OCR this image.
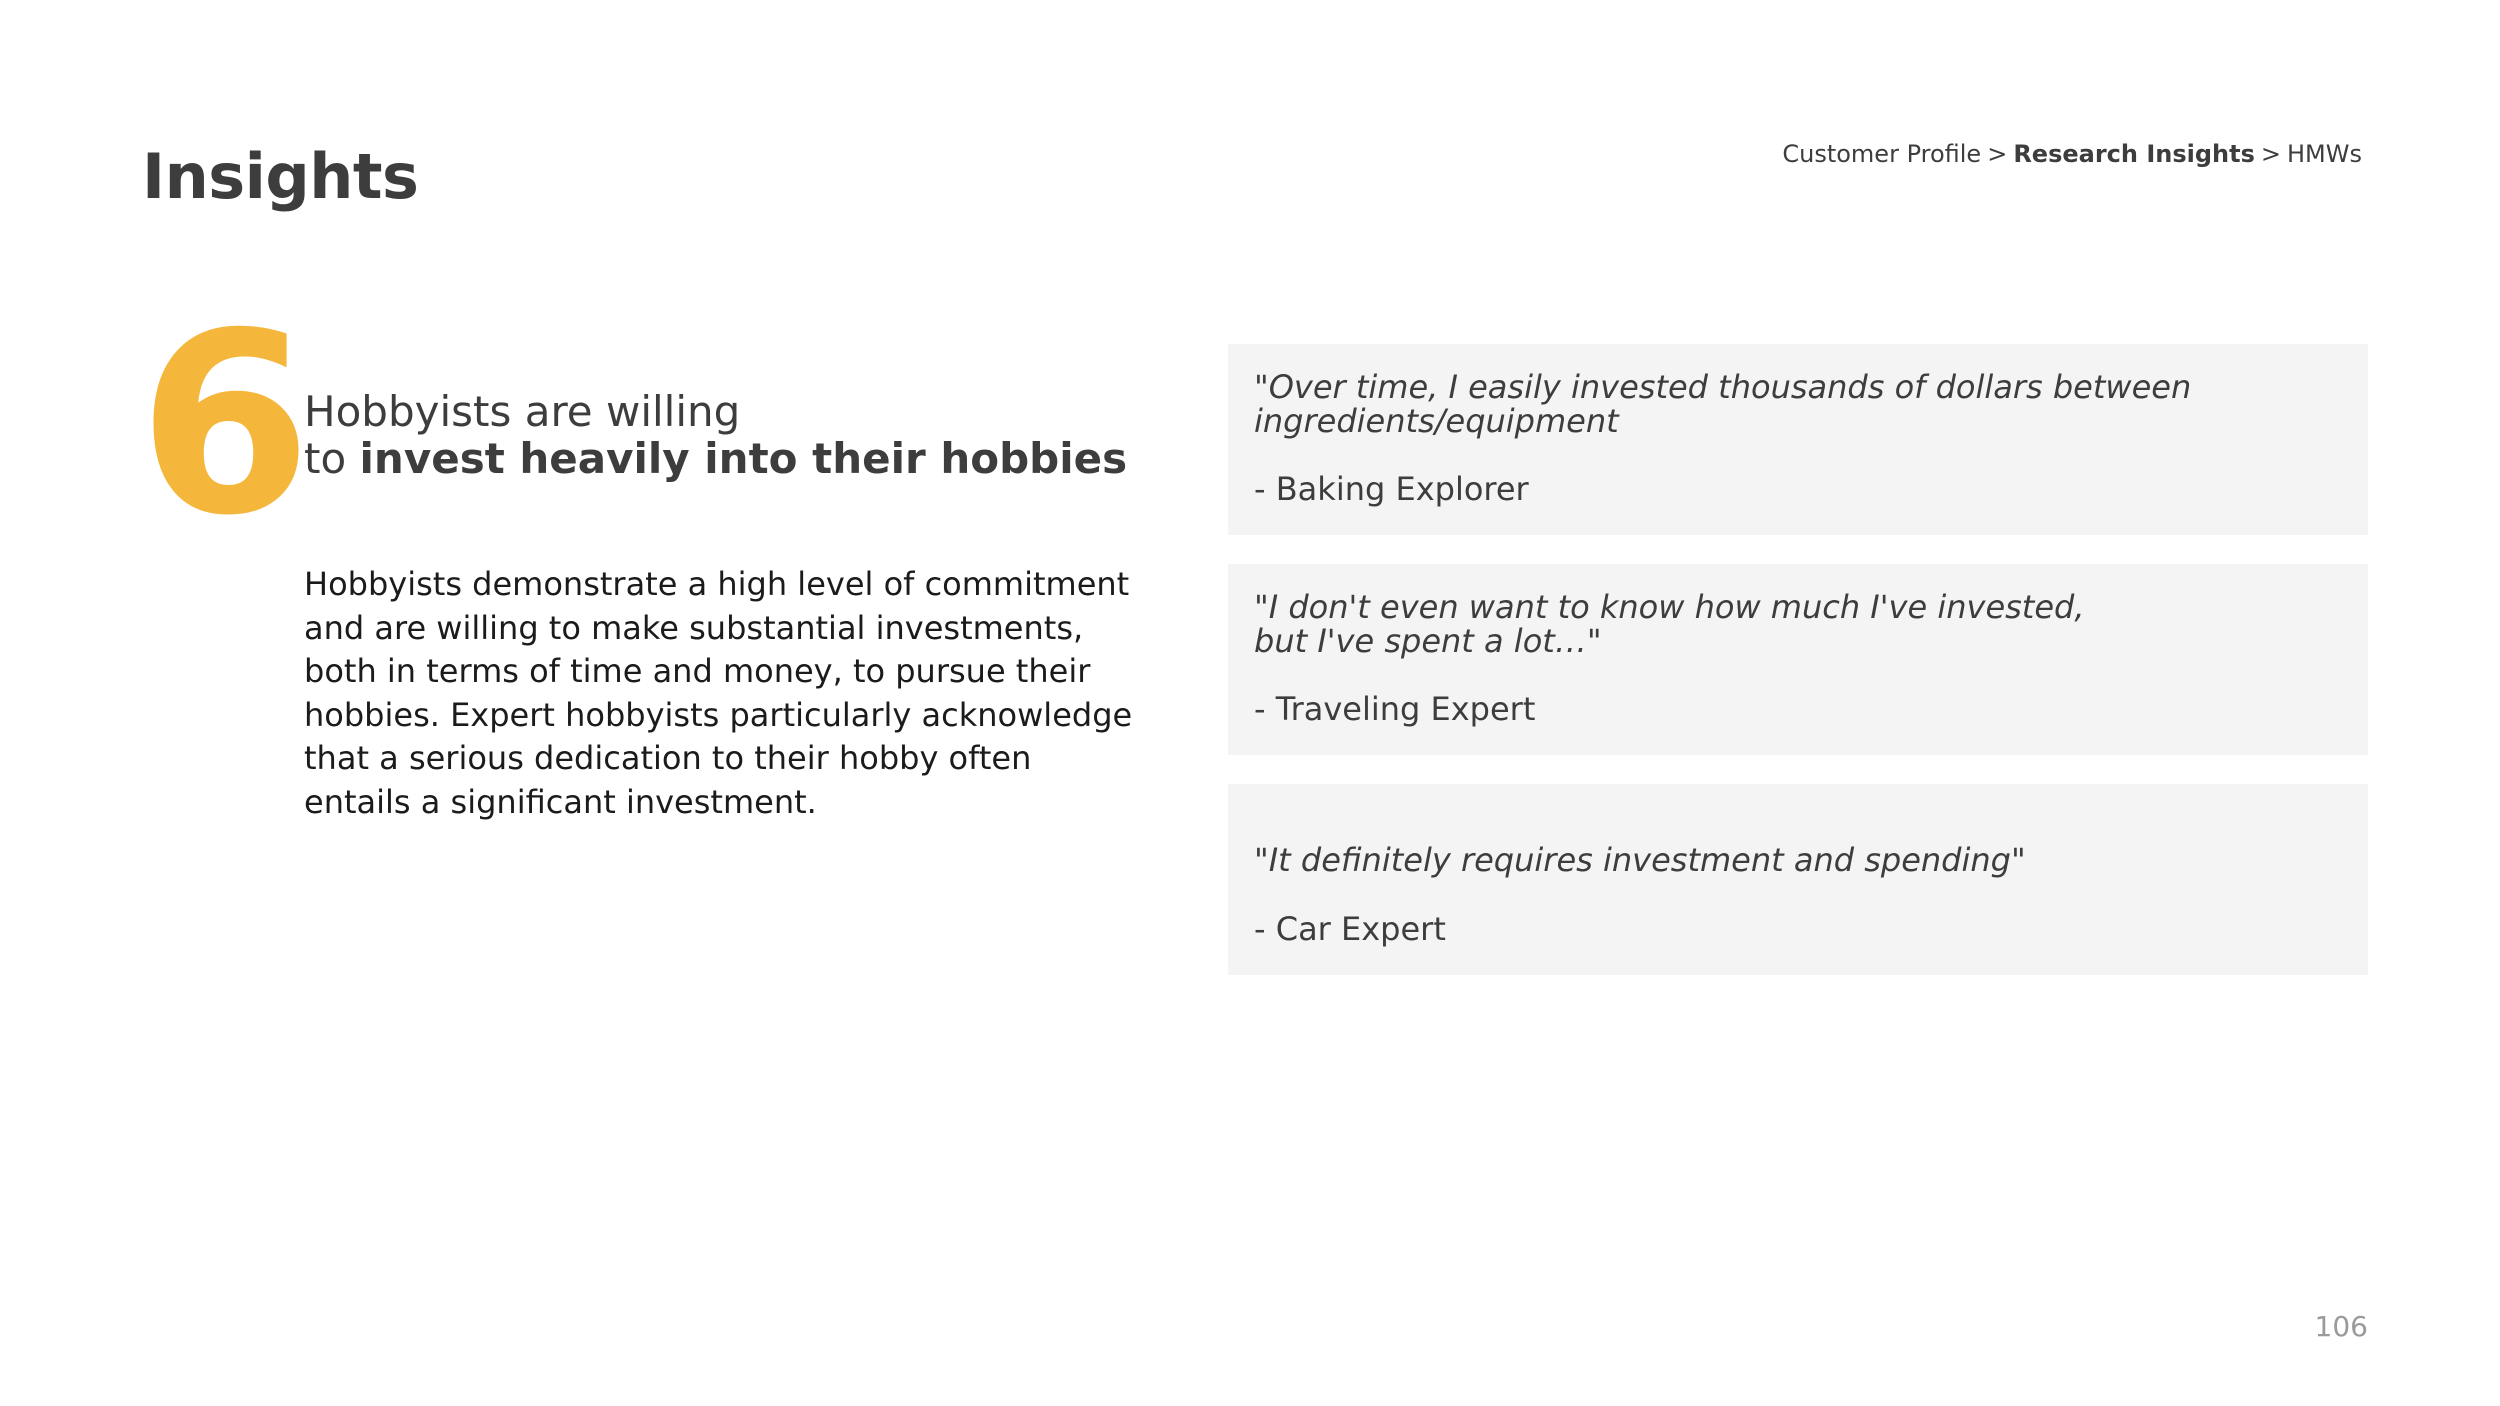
Insights	Customer Profile > Research Insights > HMWs
6
Hobbyists are willing
to invest heavily into their hobbies

Hobbyists demonstrate a high level of commitment and are willing to make substantial investments, both in terms of time and money, to pursue their hobbies. Expert hobbyists particularly acknowledge that a serious dedication to their hobby often entails a significant investment.

"Over time, I easily invested thousands of dollars between
ingredients/equipment

- Baking Explorer

"I don't even want to know how much I've invested,
but I've spent a lot…"

- Traveling Expert

"It definitely requires investment and spending"

- Car Expert
106
